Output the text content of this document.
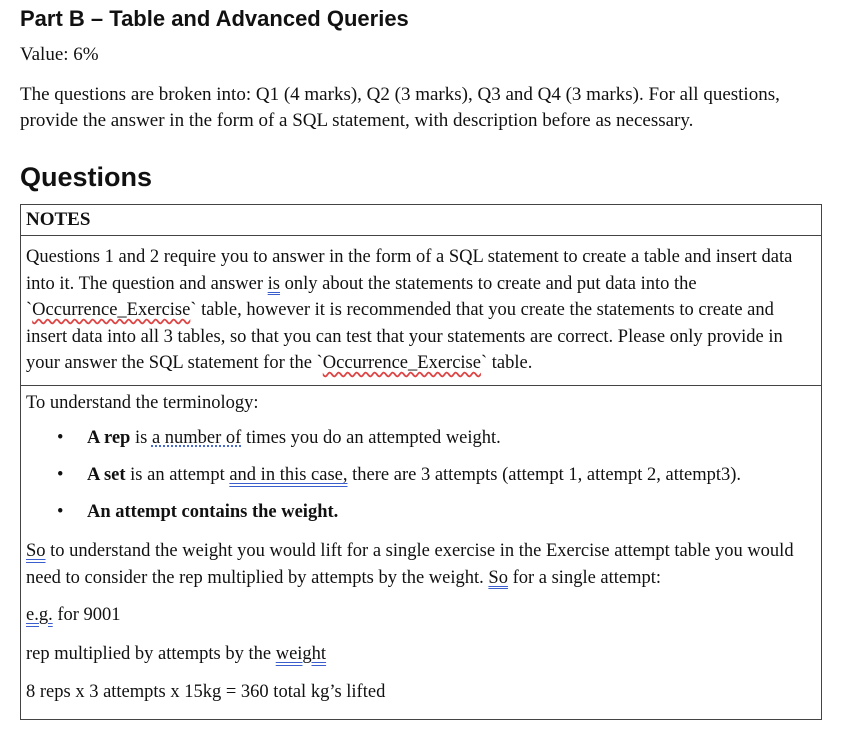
Part B – Table and Advanced Queries
Value: 6%
The questions are broken into: Q1 (4 marks), Q2 (3 marks), Q3 and Q4 (3 marks). For all questions, provide the answer in the form of a SQL statement, with description before as necessary.
Questions
NOTES
Questions 1 and 2 require you to answer in the form of a SQL statement to create a table and insert data into it. The question and answer is only about the statements to create and put data into the `Occurrence_Exercise` table, however it is recommended that you create the statements to create and insert data into all 3 tables, so that you can test that your statements are correct. Please only provide in your answer the SQL statement for the `Occurrence_Exercise` table.
To understand the terminology:
• A rep is a number of times you do an attempted weight.
• A set is an attempt and in this case, there are 3 attempts (attempt 1, attempt 2, attempt3).
• An attempt contains the weight.
So to understand the weight you would lift for a single exercise in the Exercise attempt table you would need to consider the rep multiplied by attempts by the weight. So for a single attempt:
e.g. for 9001
rep multiplied by attempts by the weight
8 reps x 3 attempts x 15kg = 360 total kg’s lifted
